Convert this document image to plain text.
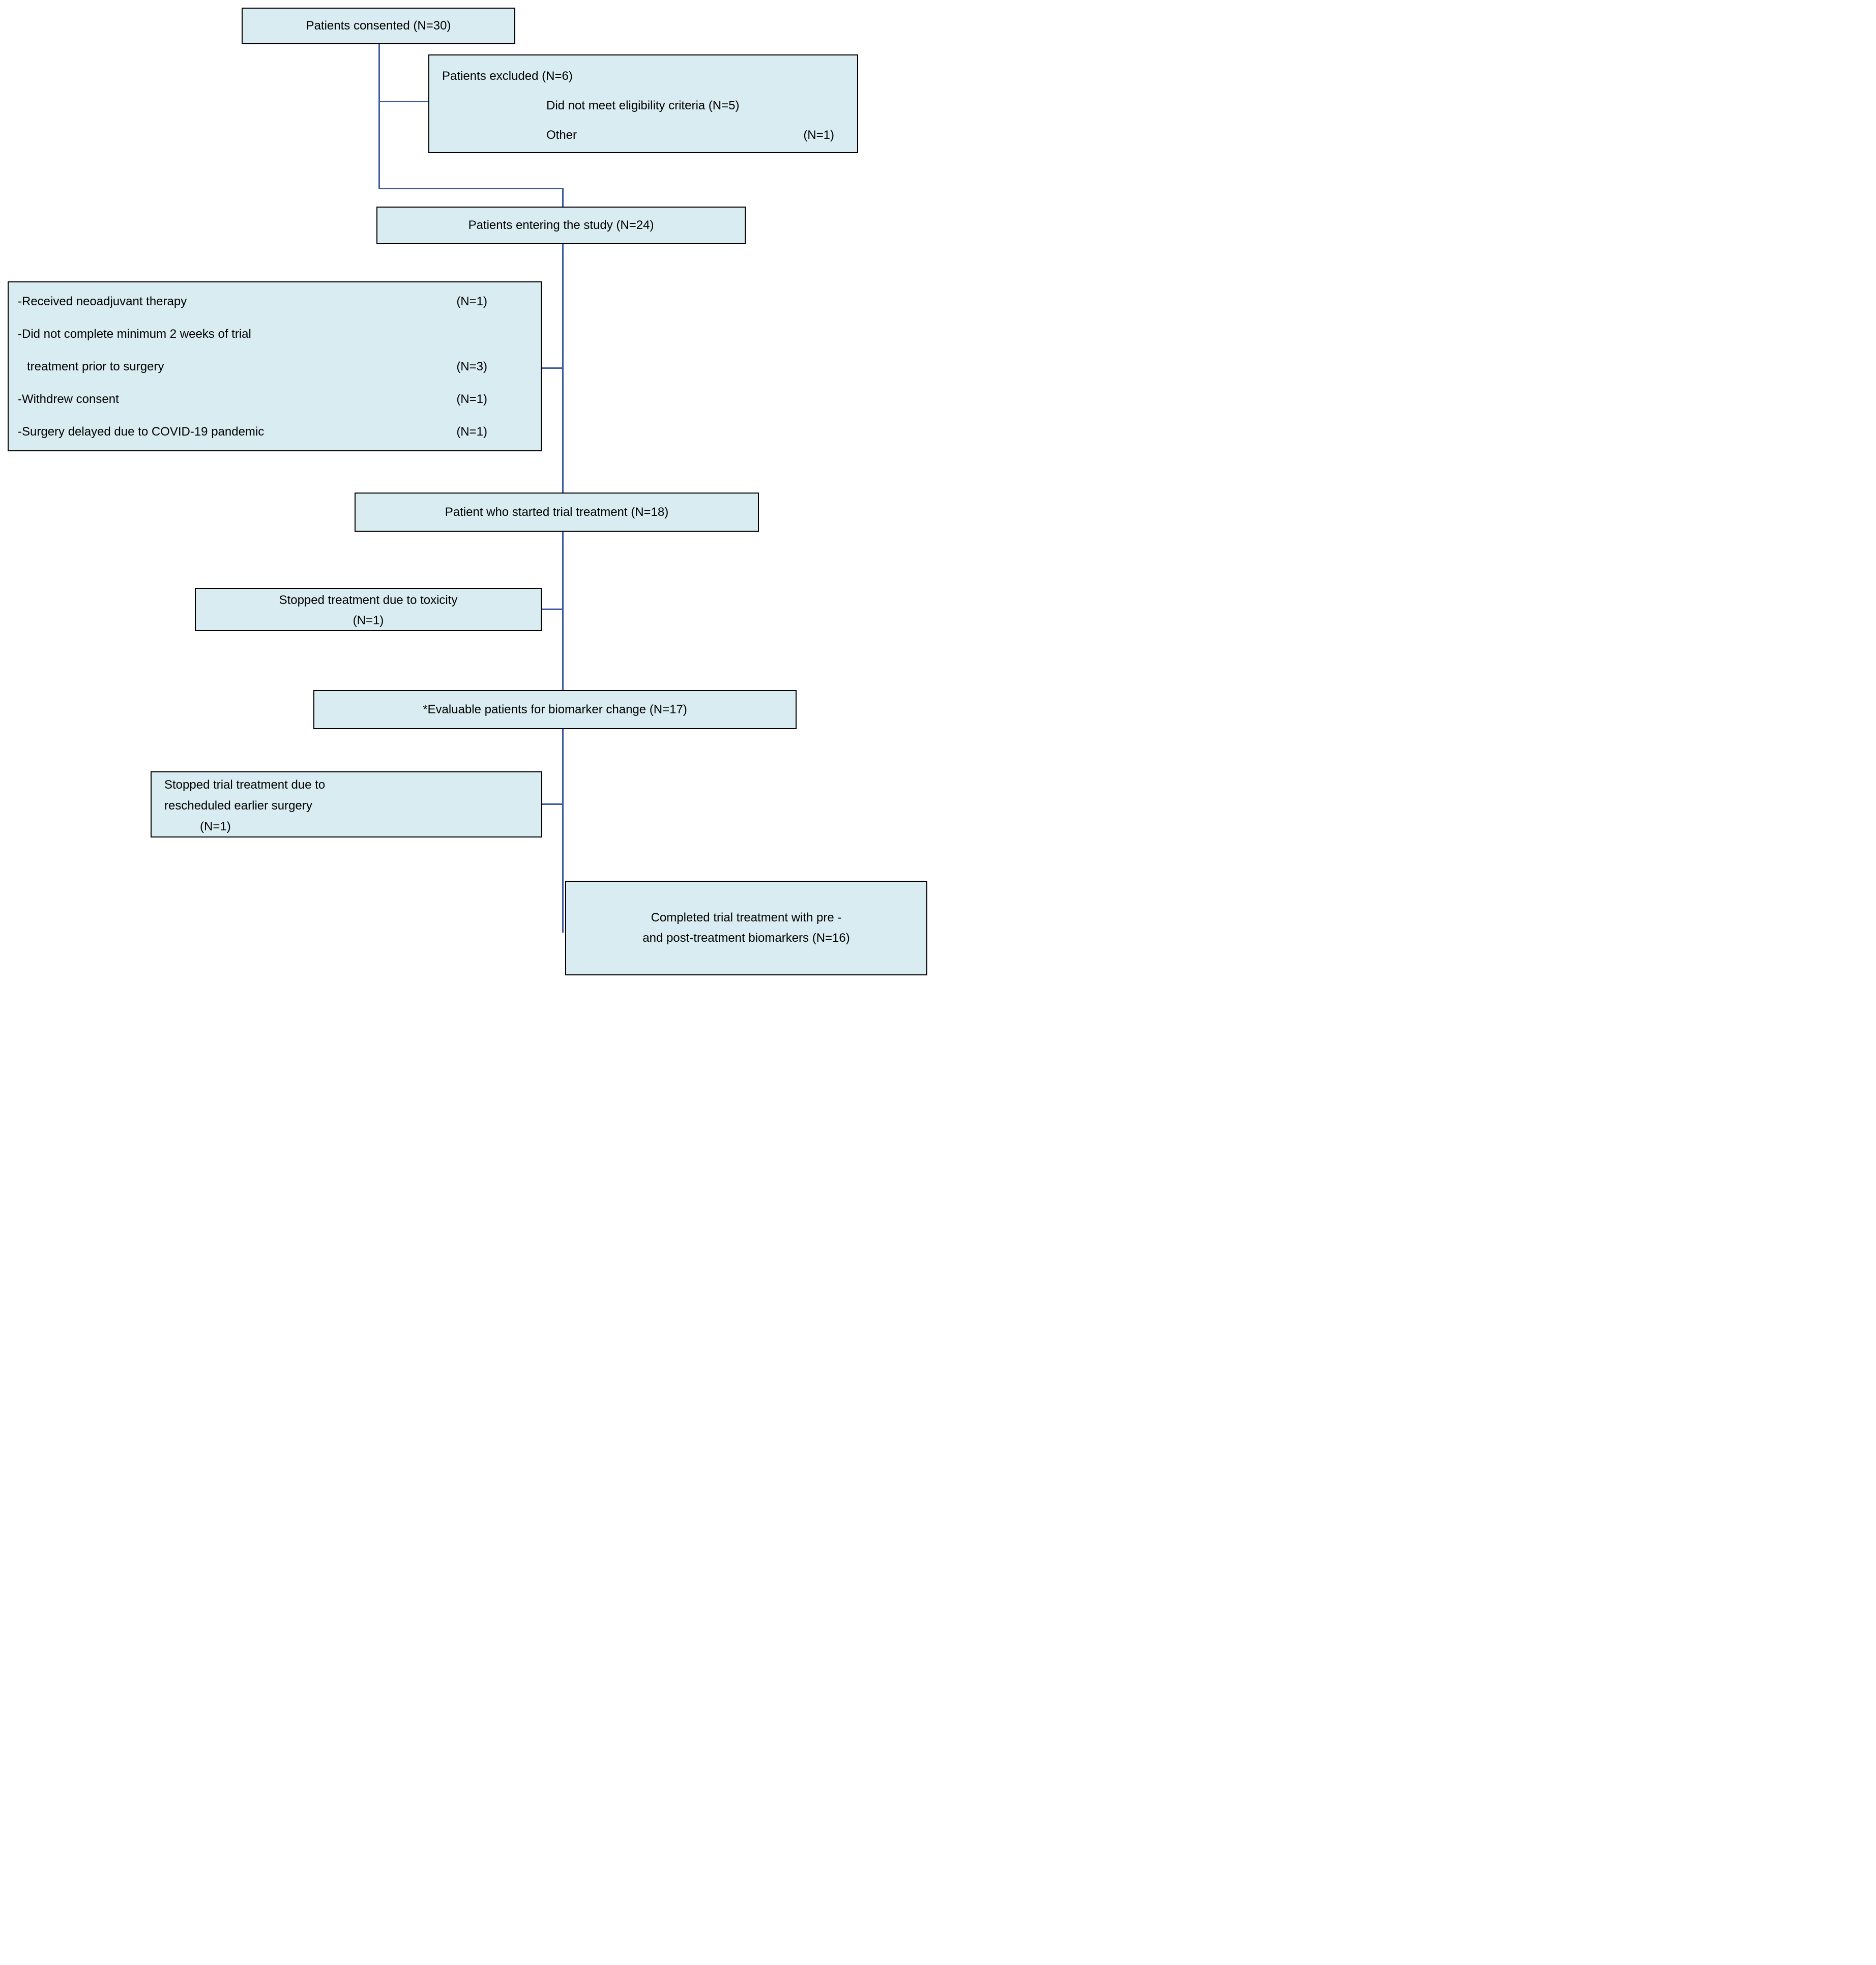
Patients consented (N=30)
Patients excluded (N=6)
Did not meet eligibility criteria (N=5)
Other	(N=1)
Patients entering the study (N=24)
-Received neoadjuvant therapy	(N=1)
-Did not complete minimum 2 weeks of trial
treatment prior to surgery	(N=3)
-Withdrew consent	(N=1)
-Surgery delayed due to COVID-19 pandemic	(N=1)
Patient who started trial treatment (N=18)
Stopped treatment due to toxicity
(N=1)
*Evaluable patients for biomarker change (N=17)
Stopped trial treatment due to
rescheduled earlier surgery
(N=1)
Completed trial treatment with pre -
and post-treatment biomarkers (N=16)
